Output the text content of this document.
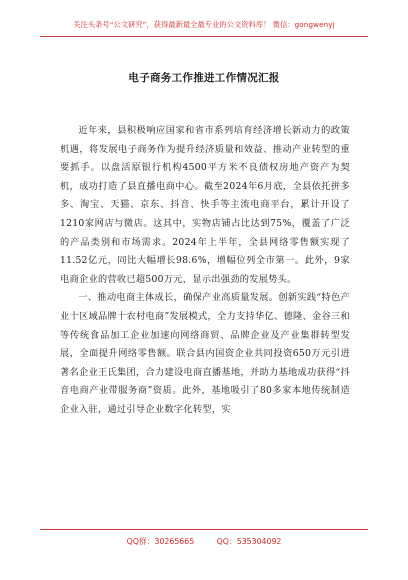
关注头条号“公文研究”，获得最新最全最专业的公文资料库！ 微信：gongwenyj
电子商务工作推进工作情况汇报

近年来，县积极响应国家和省市系列培育经济增长新动力的政策机遇，将发展电子商务作为提升经济质量和效益、推动产业转型的重要抓手。以盘活原银行机构4500平方米不良债权房地产资产为契机，成功打造了县直播电商中心。截至2024年6月底，全县依托拼多多、淘宝、天猫、京东、抖音、快手等主流电商平台，累计开设了1210家网店与微店。这其中，实物店铺占比达到75%，覆盖了广泛的产品类别和市场需求。2024年上半年，全县网络零售额实现了11.52亿元，同比大幅增长98.6%，增幅位列全市第一。此外，9家电商企业的营收已超500万元，显示出强劲的发展势头。

一、推动电商主体成长，确保产业高质量发展。创新实践“特色产业十区域品牌十农村电商”发展模式，全力支持华亿、德隆、金谷三和等传统食品加工企业加速向网络商贸、品牌企业及产业集群转型发展，全面提升网络零售额。联合县内国资企业共同投资650万元引进著名企业王氏集团，合力建设电商直播基地，并助力基地成功获得“抖音电商产业带服务商”资质。此外，基地吸引了80多家本地传统制造企业入驻，通过引导企业数字化转型，实

QQ群：30265665	QQ：535304092
